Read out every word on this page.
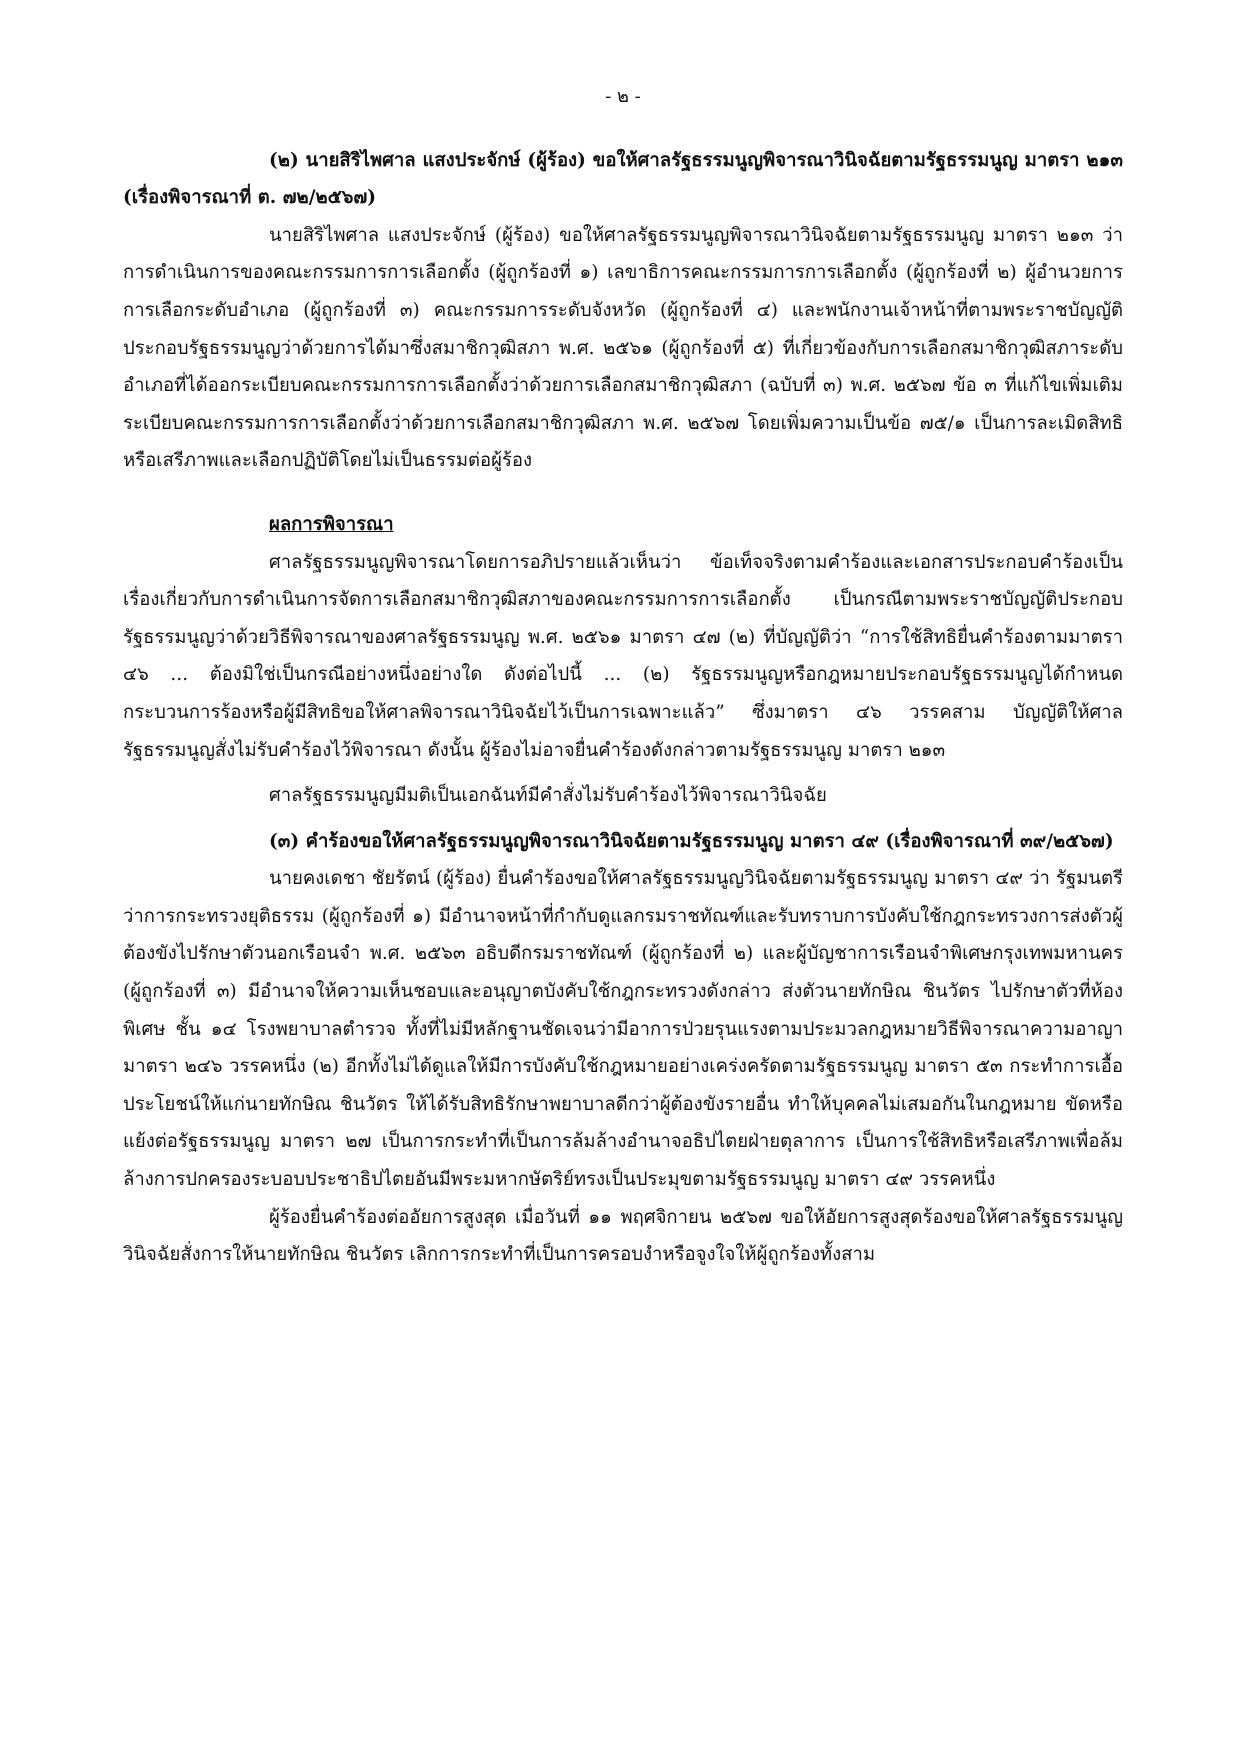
- ๒ -

(๒) นายสิริไพศาล แสงประจักษ์ (ผู้ร้อง) ขอให้ศาลรัฐธรรมนูญพิจารณาวินิจฉัยตามรัฐธรรมนูญ มาตรา ๒๑๓ (เรื่องพิจารณาที่ ต. ๗๒/๒๕๖๗)

นายสิริไพศาล แสงประจักษ์ (ผู้ร้อง) ขอให้ศาลรัฐธรรมนูญพิจารณาวินิจฉัยตามรัฐธรรมนูญ มาตรา ๒๑๓ ว่า การดำเนินการของคณะกรรมการการเลือกตั้ง (ผู้ถูกร้องที่ ๑) เลขาธิการคณะกรรมการการเลือกตั้ง (ผู้ถูกร้องที่ ๒) ผู้อำนวยการการเลือกระดับอำเภอ (ผู้ถูกร้องที่ ๓) คณะกรรมการระดับจังหวัด (ผู้ถูกร้องที่ ๔) และพนักงานเจ้าหน้าที่ตามพระราชบัญญัติประกอบรัฐธรรมนูญว่าด้วยการได้มาซึ่งสมาชิกวุฒิสภา พ.ศ. ๒๕๖๑ (ผู้ถูกร้องที่ ๕) ที่เกี่ยวข้องกับการเลือกสมาชิกวุฒิสภาระดับอำเภอที่ได้ออกระเบียบคณะกรรมการการเลือกตั้งว่าด้วยการเลือกสมาชิกวุฒิสภา (ฉบับที่ ๓) พ.ศ. ๒๕๖๗ ข้อ ๓ ที่แก้ไขเพิ่มเติมระเบียบคณะกรรมการการเลือกตั้งว่าด้วยการเลือกสมาชิกวุฒิสภา พ.ศ. ๒๕๖๗ โดยเพิ่มความเป็นข้อ ๗๕/๑ เป็นการละเมิดสิทธิหรือเสรีภาพและเลือกปฏิบัติโดยไม่เป็นธรรมต่อผู้ร้อง

ผลการพิจารณา

ศาลรัฐธรรมนูญพิจารณาโดยการอภิปรายแล้วเห็นว่า ข้อเท็จจริงตามคำร้องและเอกสารประกอบคำร้องเป็นเรื่องเกี่ยวกับการดำเนินการจัดการเลือกสมาชิกวุฒิสภาของคณะกรรมการการเลือกตั้ง เป็นกรณีตามพระราชบัญญัติประกอบรัฐธรรมนูญว่าด้วยวิธีพิจารณาของศาลรัฐธรรมนูญ พ.ศ. ๒๕๖๑ มาตรา ๔๗ (๒) ที่บัญญัติว่า “การใช้สิทธิยื่นคำร้องตามมาตรา ๔๖ ... ต้องมิใช่เป็นกรณีอย่างหนึ่งอย่างใด ดังต่อไปนี้ ... (๒) รัฐธรรมนูญหรือกฎหมายประกอบรัฐธรรมนูญได้กำหนดกระบวนการร้องหรือผู้มีสิทธิขอให้ศาลพิจารณาวินิจฉัยไว้เป็นการเฉพาะแล้ว” ซึ่งมาตรา ๔๖ วรรคสาม บัญญัติให้ศาลรัฐธรรมนูญสั่งไม่รับคำร้องไว้พิจารณา ดังนั้น ผู้ร้องไม่อาจยื่นคำร้องดังกล่าวตามรัฐธรรมนูญ มาตรา ๒๑๓

ศาลรัฐธรรมนูญมีมติเป็นเอกฉันท์มีคำสั่งไม่รับคำร้องไว้พิจารณาวินิจฉัย

(๓) คำร้องขอให้ศาลรัฐธรรมนูญพิจารณาวินิจฉัยตามรัฐธรรมนูญ มาตรา ๔๙ (เรื่องพิจารณาที่ ๓๙/๒๕๖๗)

นายคงเดชา ชัยรัตน์ (ผู้ร้อง) ยื่นคำร้องขอให้ศาลรัฐธรรมนูญวินิจฉัยตามรัฐธรรมนูญ มาตรา ๔๙ ว่า รัฐมนตรีว่าการกระทรวงยุติธรรม (ผู้ถูกร้องที่ ๑) มีอำนาจหน้าที่กำกับดูแลกรมราชทัณฑ์และรับทราบการบังคับใช้กฎกระทรวงการส่งตัวผู้ต้องขังไปรักษาตัวนอกเรือนจำ พ.ศ. ๒๕๖๓ อธิบดีกรมราชทัณฑ์ (ผู้ถูกร้องที่ ๒) และผู้บัญชาการเรือนจำพิเศษกรุงเทพมหานคร (ผู้ถูกร้องที่ ๓) มีอำนาจให้ความเห็นชอบและอนุญาตบังคับใช้กฎกระทรวงดังกล่าว ส่งตัวนายทักษิณ ชินวัตร ไปรักษาตัวที่ห้องพิเศษ ชั้น ๑๔ โรงพยาบาลตำรวจ ทั้งที่ไม่มีหลักฐานชัดเจนว่ามีอาการป่วยรุนแรงตามประมวลกฎหมายวิธีพิจารณาความอาญา มาตรา ๒๔๖ วรรคหนึ่ง (๒) อีกทั้งไม่ได้ดูแลให้มีการบังคับใช้กฎหมายอย่างเคร่งครัดตามรัฐธรรมนูญ มาตรา ๕๓ กระทำการเอื้อประโยชน์ให้แก่นายทักษิณ ชินวัตร ให้ได้รับสิทธิรักษาพยาบาลดีกว่าผู้ต้องขังรายอื่น ทำให้บุคคลไม่เสมอกันในกฎหมาย ขัดหรือแย้งต่อรัฐธรรมนูญ มาตรา ๒๗ เป็นการกระทำที่เป็นการล้มล้างอำนาจอธิปไตยฝ่ายตุลาการ เป็นการใช้สิทธิหรือเสรีภาพเพื่อล้มล้างการปกครองระบอบประชาธิปไตยอันมีพระมหากษัตริย์ทรงเป็นประมุขตามรัฐธรรมนูญ มาตรา ๔๙ วรรคหนึ่ง

ผู้ร้องยื่นคำร้องต่ออัยการสูงสุด เมื่อวันที่ ๑๑ พฤศจิกายน ๒๕๖๗ ขอให้อัยการสูงสุดร้องขอให้ศาลรัฐธรรมนูญวินิจฉัยสั่งการให้นายทักษิณ ชินวัตร เลิกการกระทำที่เป็นการครอบงำหรือจูงใจให้ผู้ถูกร้องทั้งสาม
